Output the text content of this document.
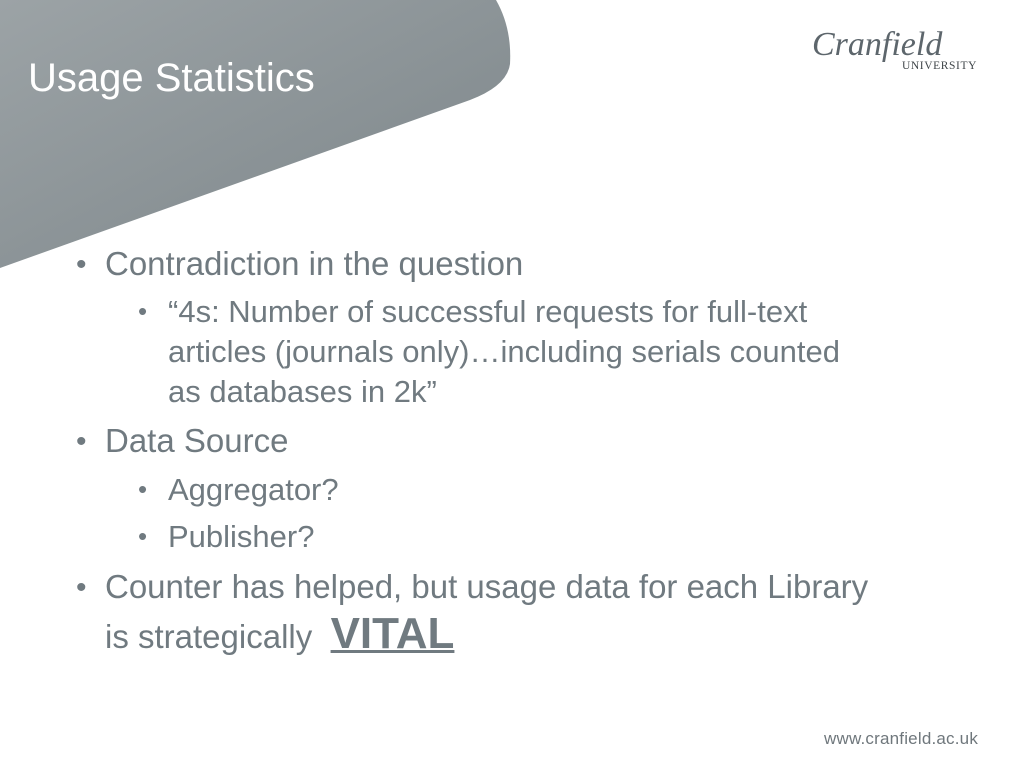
Usage Statistics
Cranfield
UNIVERSITY
• Contradiction in the question
• “4s: Number of successful requests for full-text
articles (journals only)…including serials counted
as databases in 2k”
• Data Source
• Aggregator?
• Publisher?
• Counter has helped, but usage data for each Library
is strategically  VITAL
www.cranfield.ac.uk
